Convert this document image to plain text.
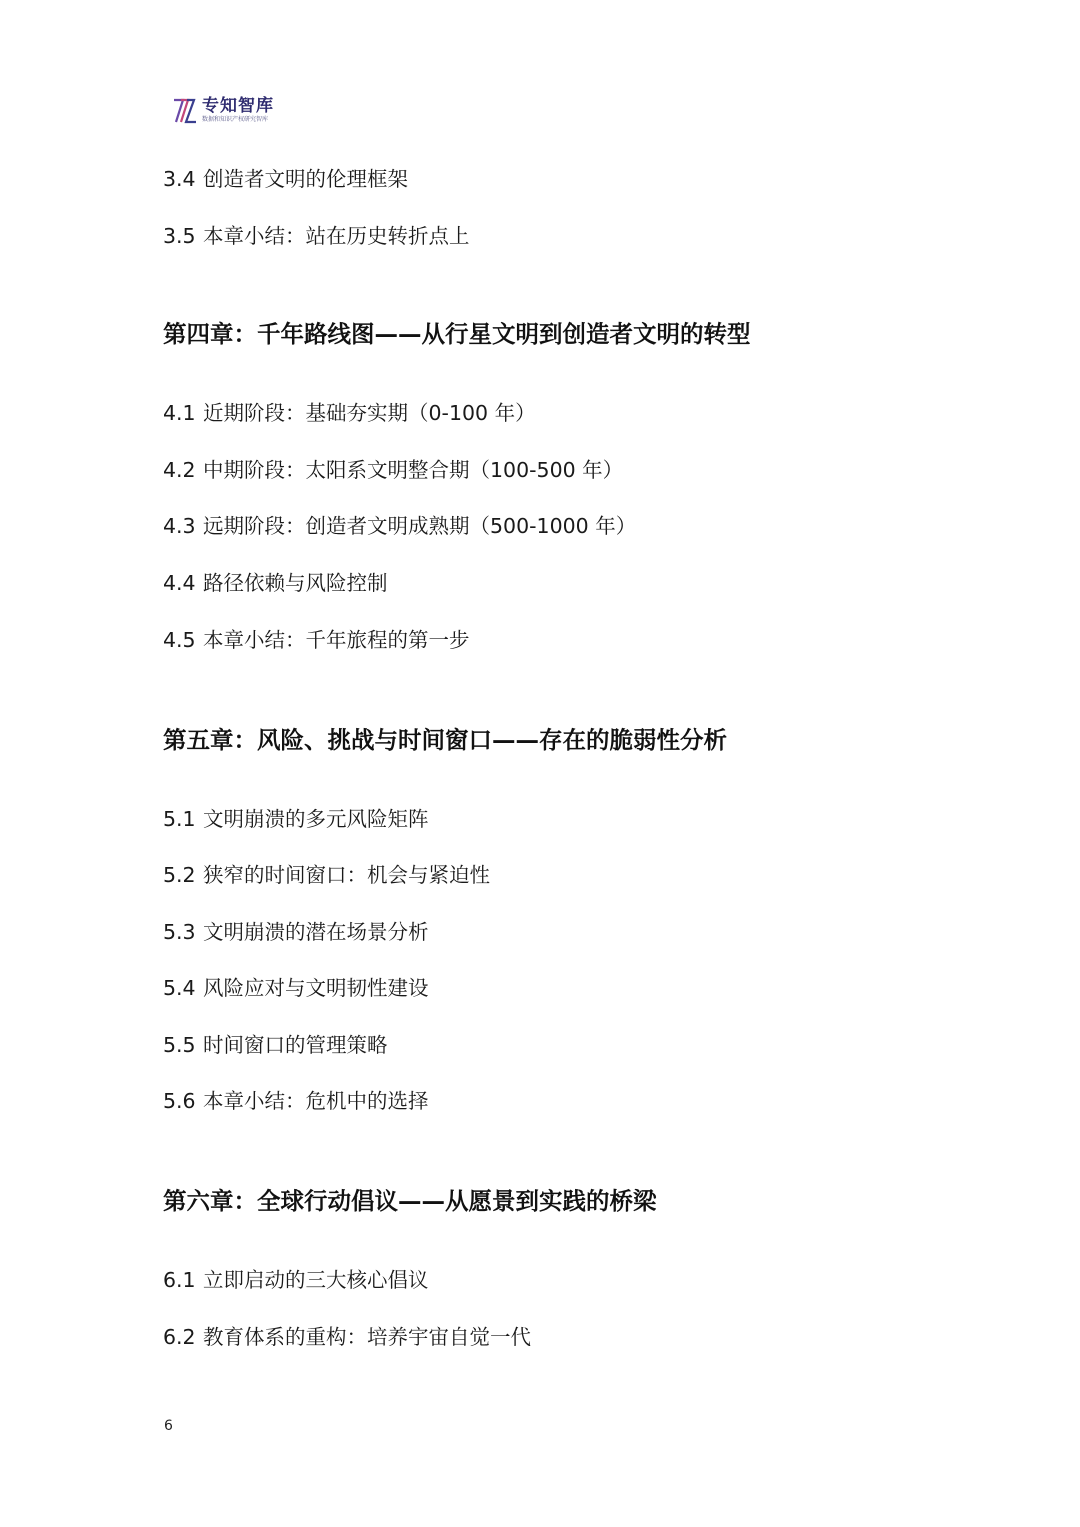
专知智库
数据和知识产权研究智库
3.4 创造者文明的伦理框架
3.5 本章小结：站在历史转折点上
第四章：千年路线图——从行星文明到创造者文明的转型
4.1 近期阶段：基础夯实期（0-100 年）
4.2 中期阶段：太阳系文明整合期（100-500 年）
4.3 远期阶段：创造者文明成熟期（500-1000 年）
4.4 路径依赖与风险控制
4.5 本章小结：千年旅程的第一步
第五章：风险、挑战与时间窗口——存在的脆弱性分析
5.1 文明崩溃的多元风险矩阵
5.2 狭窄的时间窗口：机会与紧迫性
5.3 文明崩溃的潜在场景分析
5.4 风险应对与文明韧性建设
5.5 时间窗口的管理策略
5.6 本章小结：危机中的选择
第六章：全球行动倡议——从愿景到实践的桥梁
6.1 立即启动的三大核心倡议
6.2 教育体系的重构：培养宇宙自觉一代
6
